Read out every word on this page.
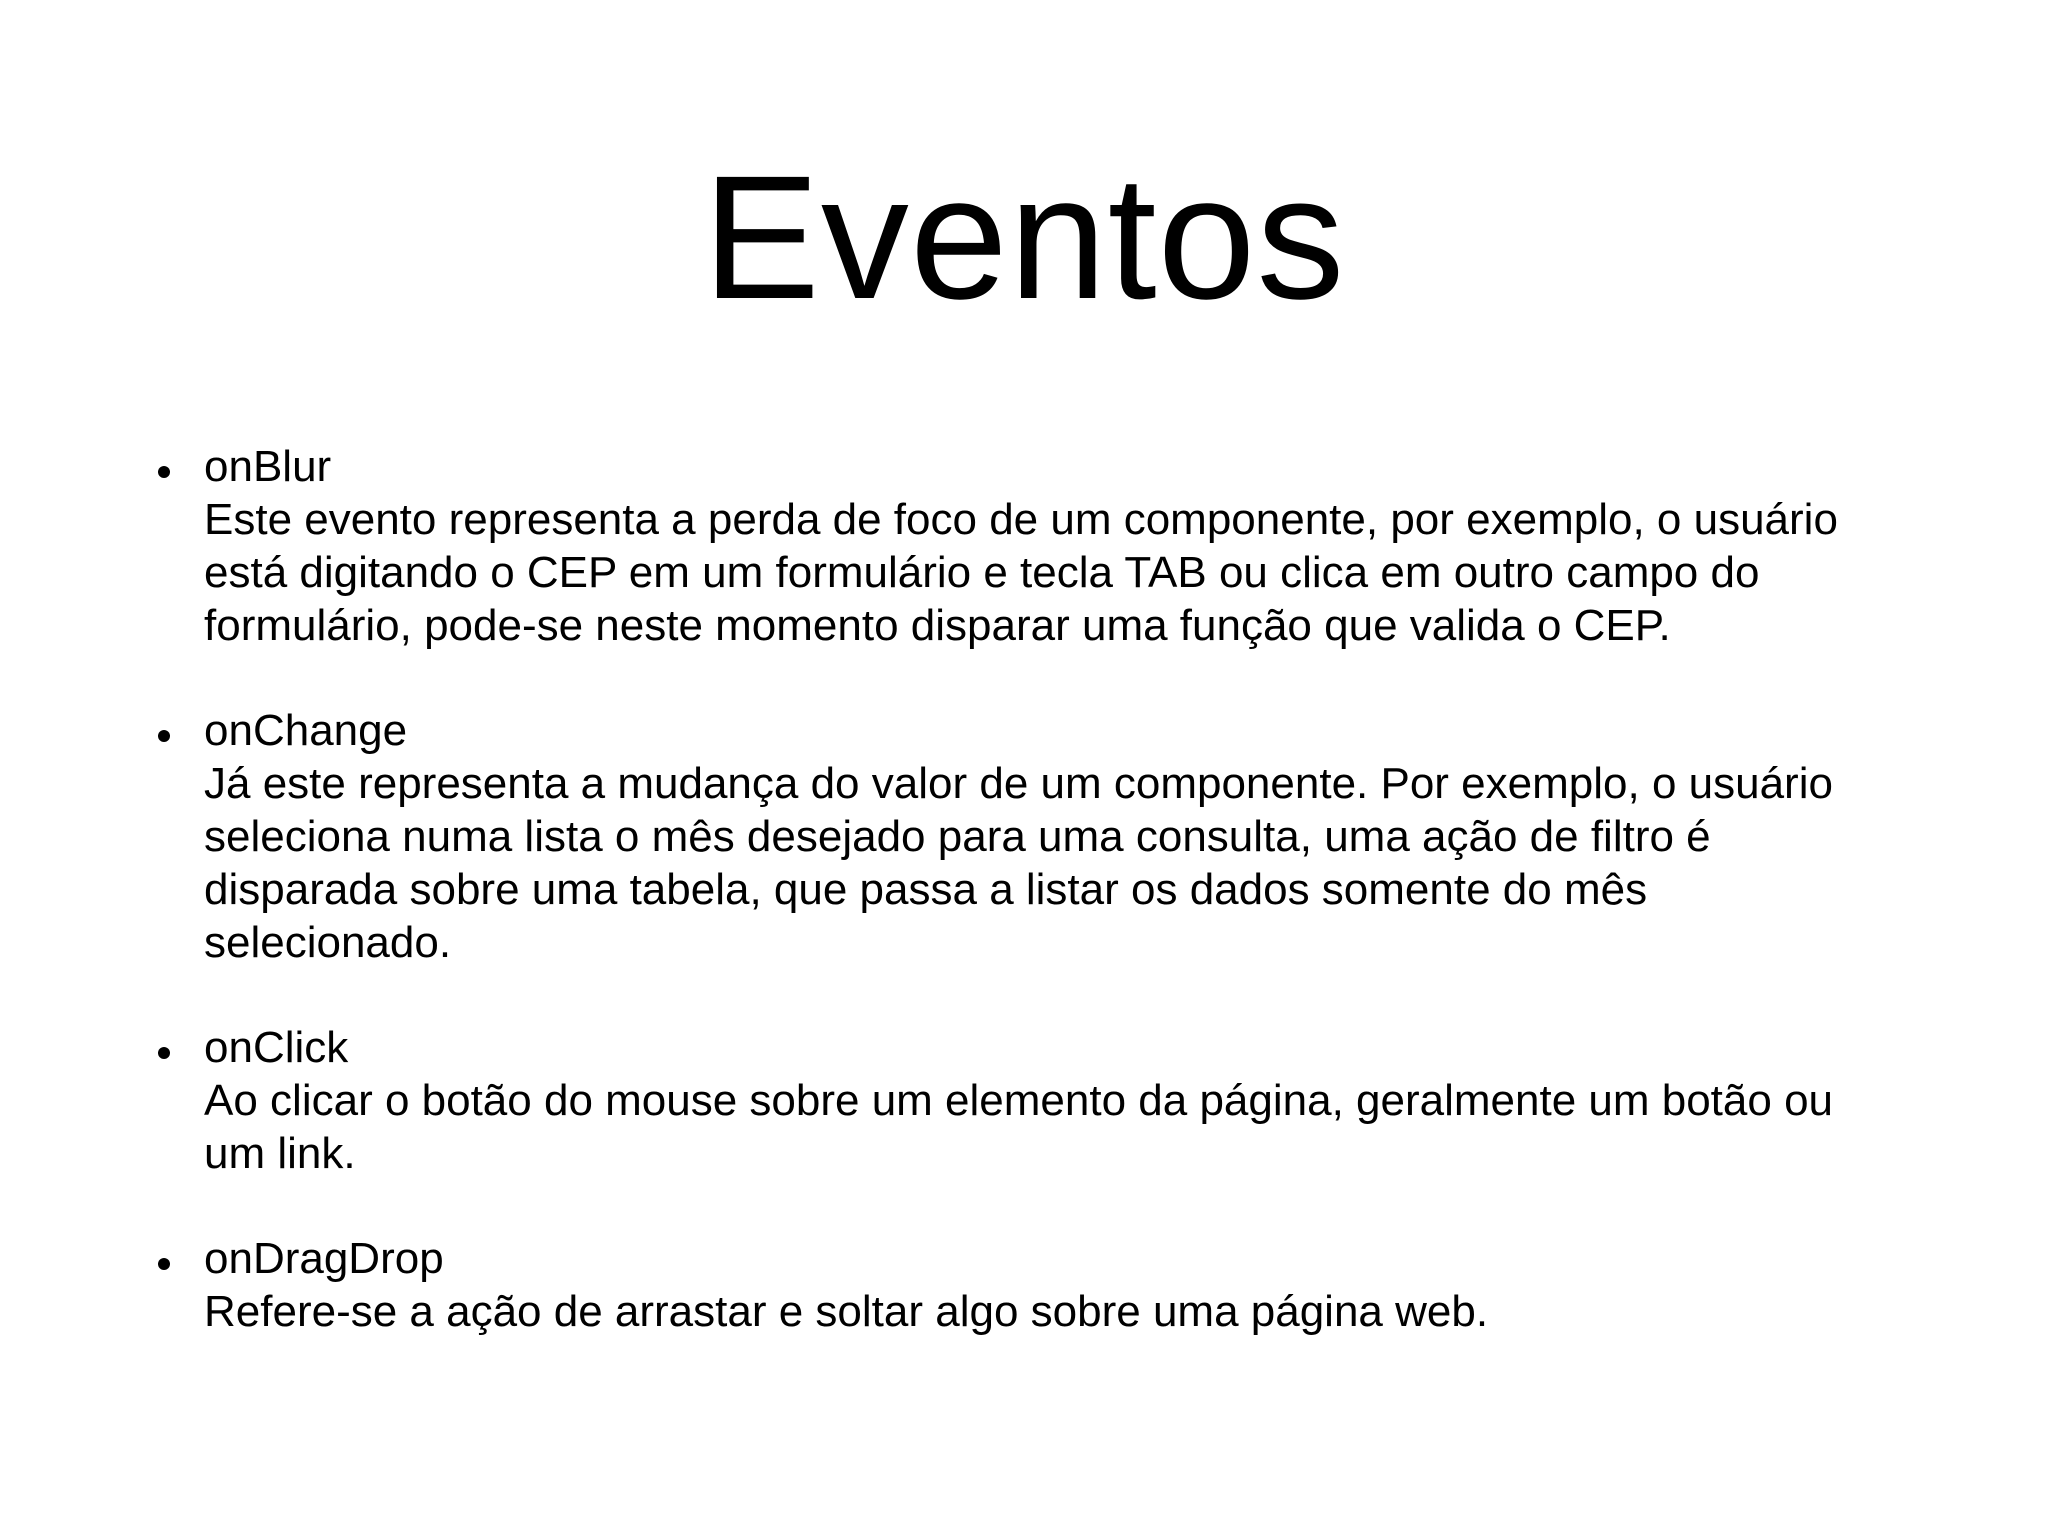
Eventos
onBlur
Este evento representa a perda de foco de um componente, por exemplo, o usuário está digitando o CEP em um formulário e tecla TAB ou clica em outro campo do formulário, pode-se neste momento disparar uma função que valida o CEP.
onChange
Já este representa a mudança do valor de um componente. Por exemplo, o usuário seleciona numa lista o mês desejado para uma consulta, uma ação de filtro é disparada sobre uma tabela, que passa a listar os dados somente do mês selecionado.
onClick
Ao clicar o botão do mouse sobre um elemento da página, geralmente um botão ou um link.
onDragDrop
Refere-se a ação de arrastar e soltar algo sobre uma página web.
